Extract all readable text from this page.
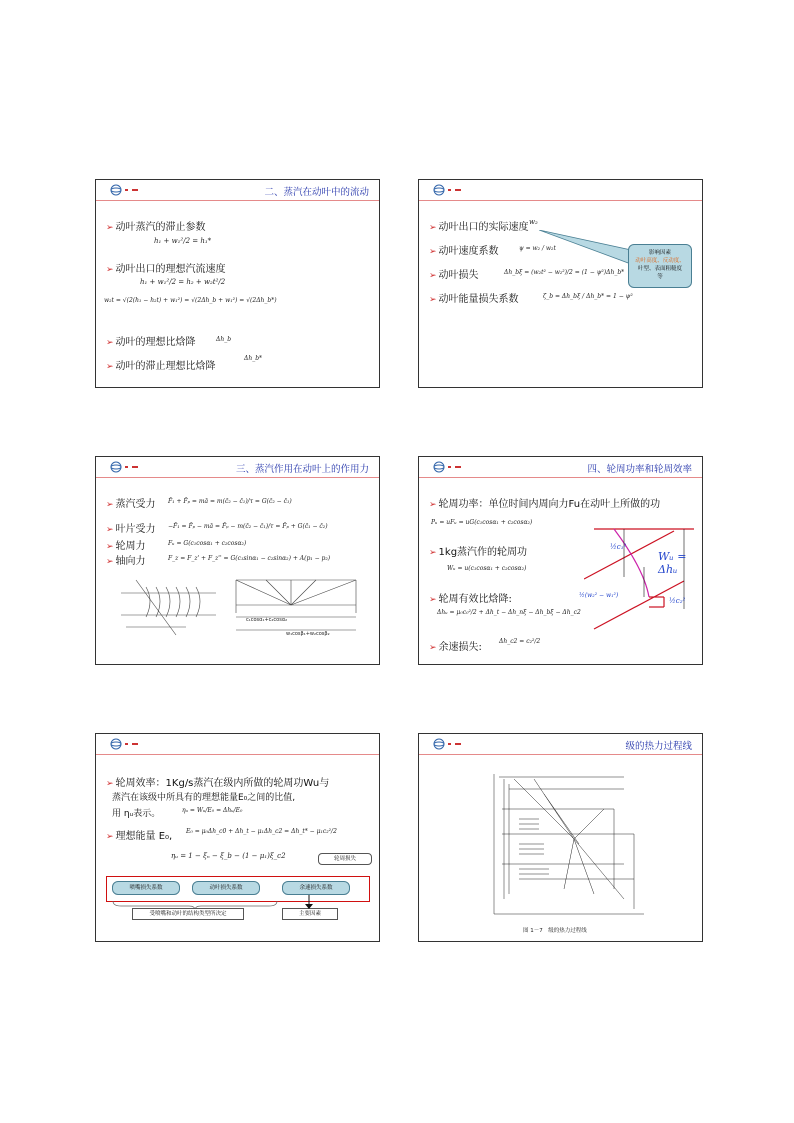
二、蒸汽在动叶中的流动
➢ 动叶蒸汽的滞止参数
h₁ + w₁²/2 = h₁*
➢ 动叶出口的理想汽流速度
h₁ + w₁²/2 = h₂ + w₂t²/2
w₂t = √(2(h₁ − h₂t) + w₁²) = √(2Δh_b + w₁²) = √(2Δh_b*)
➢ 动叶的理想比焓降	Δh_b
➢ 动叶的滞止理想比焓降
Δh_b*
➢ 动叶出口的实际速度 w₂
➢ 动叶速度系数	ψ = w₂ / w₂t
➢ 动叶损失	Δh_bξ = (w₂t² − w₂²)/2 = (1 − ψ²)Δh_b*
➢ 动叶能量损失系数	ζ_b = Δh_bξ / Δh_b* = 1 − ψ²
影响因素
动叶高度、反动度、
叶型、表面粗糙度
等
三、蒸汽作用在动叶上的作用力
➢ 蒸汽受力 F̄₁ + F̄ₚ = mā = m(c̄₂ − c̄₁)/τ = G(c̄₂ − c̄₁)
➢ 叶片受力 −F̄₁ = F̄ₚ − mā = F̄ₚ − m(c̄₂ − c̄₁)/τ = F̄ₚ + G(c̄₁ − c̄₂)
➢ 轮周力	Fᵤ = G(c₁cosα₁ + c₂cosα₂)
➢ 轴向力	F_z = F_z' + F_z'' = G(c₁sinα₁ − c₂sinα₂) + A(p₁ − p₂)
c₁cosα₁+c₂cosα₂
w₁cosβ₁+w₂cosβ₂
四、轮周功率和轮周效率
➢ 轮周功率：单位时间内周向力Fu在动叶上所做的功
Pᵤ = uFᵤ = uG(c₁cosα₁ + c₂cosα₂)
➢ 1kg蒸汽作的轮周功
Wᵤ = u(c₁cosα₁ + c₂cosα₂)
➢ 轮周有效比焓降:
Δhᵤ = μ₀c₀²/2 + Δh_t − Δh_nξ − Δh_bξ − Δh_c2
➢ 余速损失:
Δh_c2 = c₂²/2
Wᵤ = Δhᵤ
½c₁²
½(w₂² − w₁²)
½c₂²
➢ 轮周效率：1Kg/s蒸汽在级内所做的轮周功Wu与
蒸汽在该级中所具有的理想能量E₀之间的比值,
用 ηᵤ表示。	ηᵤ = Wᵤ/E₀ = Δhᵤ/E₀
➢ 理想能量 E₀, E₀ = μ₀Δh_c0 + Δh_t − μ₁Δh_c2 = Δh_t* − μ₁c₂²/2
ηᵤ = 1 − ξₙ − ξ_b − (1 − μ₁)ξ_c2	轮周损失
喷嘴损失系数	动叶损失系数	余速损失系数
受喷嘴和动叶的结构类型所决定	主要因素
级的热力过程线
图 1－7　级的热力过程线
